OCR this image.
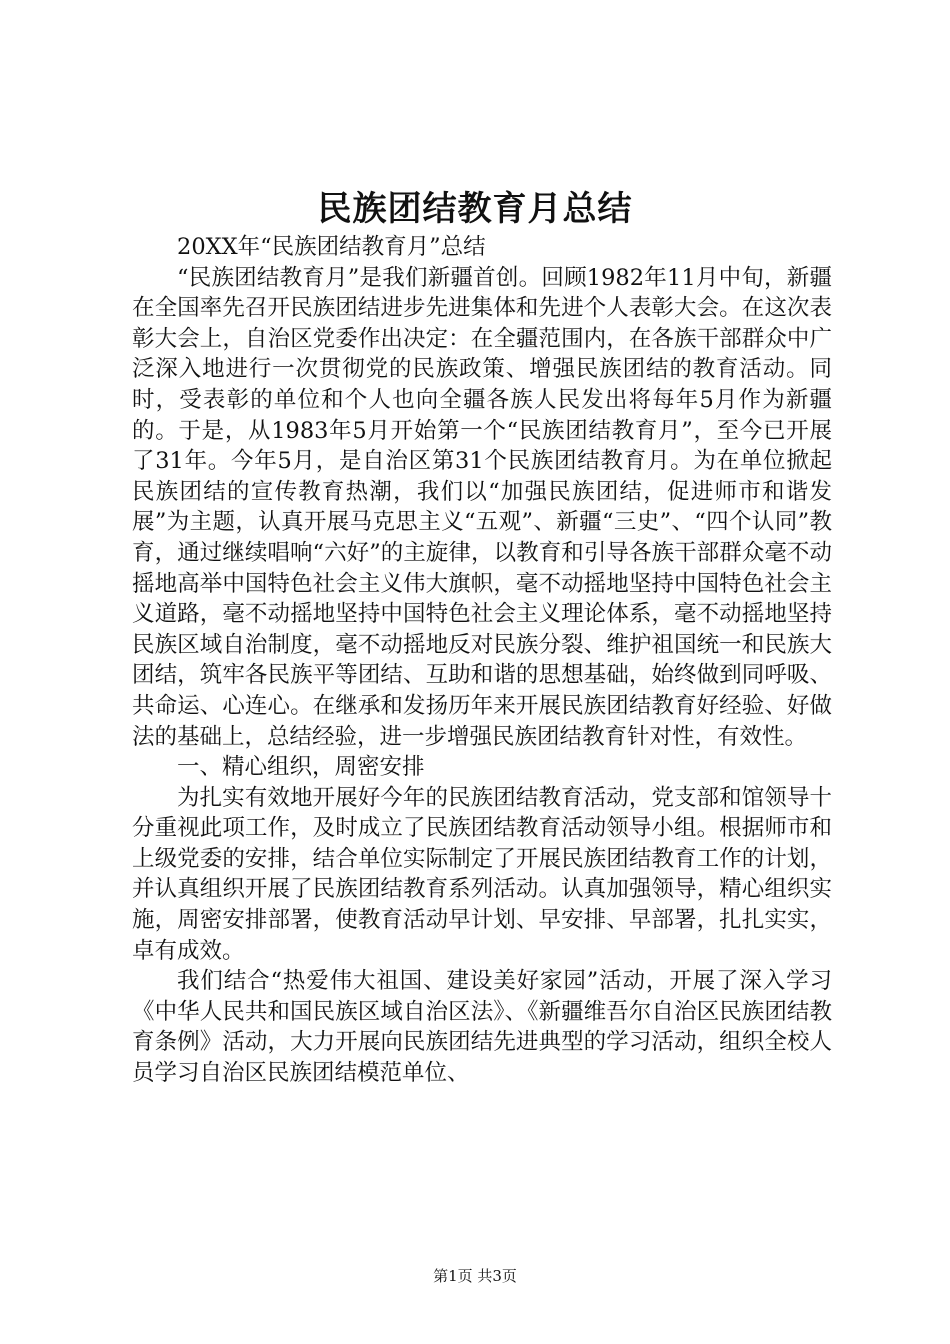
民族团结教育月总结

20XX年“民族团结教育月”总结

“民族团结教育月”是我们新疆首创。回顾1982年11月中旬，新疆在全国率先召开民族团结进步先进集体和先进个人表彰大会。在这次表彰大会上，自治区党委作出决定：在全疆范围内，在各族干部群众中广泛深入地进行一次贯彻党的民族政策、增强民族团结的教育活动。同时，受表彰的单位和个人也向全疆各族人民发出将每年5月作为新疆的。于是，从1983年5月开始第一个“民族团结教育月”，至今已开展了31年。今年5月，是自治区第31个民族团结教育月。为在单位掀起民族团结的宣传教育热潮，我们以“加强民族团结，促进师市和谐发展”为主题，认真开展马克思主义“五观”、新疆“三史”、“四个认同”教育，通过继续唱响“六好”的主旋律，以教育和引导各族干部群众毫不动摇地高举中国特色社会主义伟大旗帜，毫不动摇地坚持中国特色社会主义道路，毫不动摇地坚持中国特色社会主义理论体系，毫不动摇地坚持民族区域自治制度，毫不动摇地反对民族分裂、维护祖国统一和民族大团结，筑牢各民族平等团结、互助和谐的思想基础，始终做到同呼吸、共命运、心连心。在继承和发扬历年来开展民族团结教育好经验、好做法的基础上，总结经验，进一步增强民族团结教育针对性，有效性。

一、精心组织，周密安排

为扎实有效地开展好今年的民族团结教育活动，党支部和馆领导十分重视此项工作，及时成立了民族团结教育活动领导小组。根据师市和上级党委的安排，结合单位实际制定了开展民族团结教育工作的计划，并认真组织开展了民族团结教育系列活动。认真加强领导，精心组织实施，周密安排部署，使教育活动早计划、早安排、早部署，扎扎实实，卓有成效。

我们结合“热爱伟大祖国、建设美好家园”活动，开展了深入学习《中华人民共和国民族区域自治区法》、《新疆维吾尔自治区民族团结教育条例》活动，大力开展向民族团结先进典型的学习活动，组织全校人员学习自治区民族团结模范单位、

第1页 共3页
